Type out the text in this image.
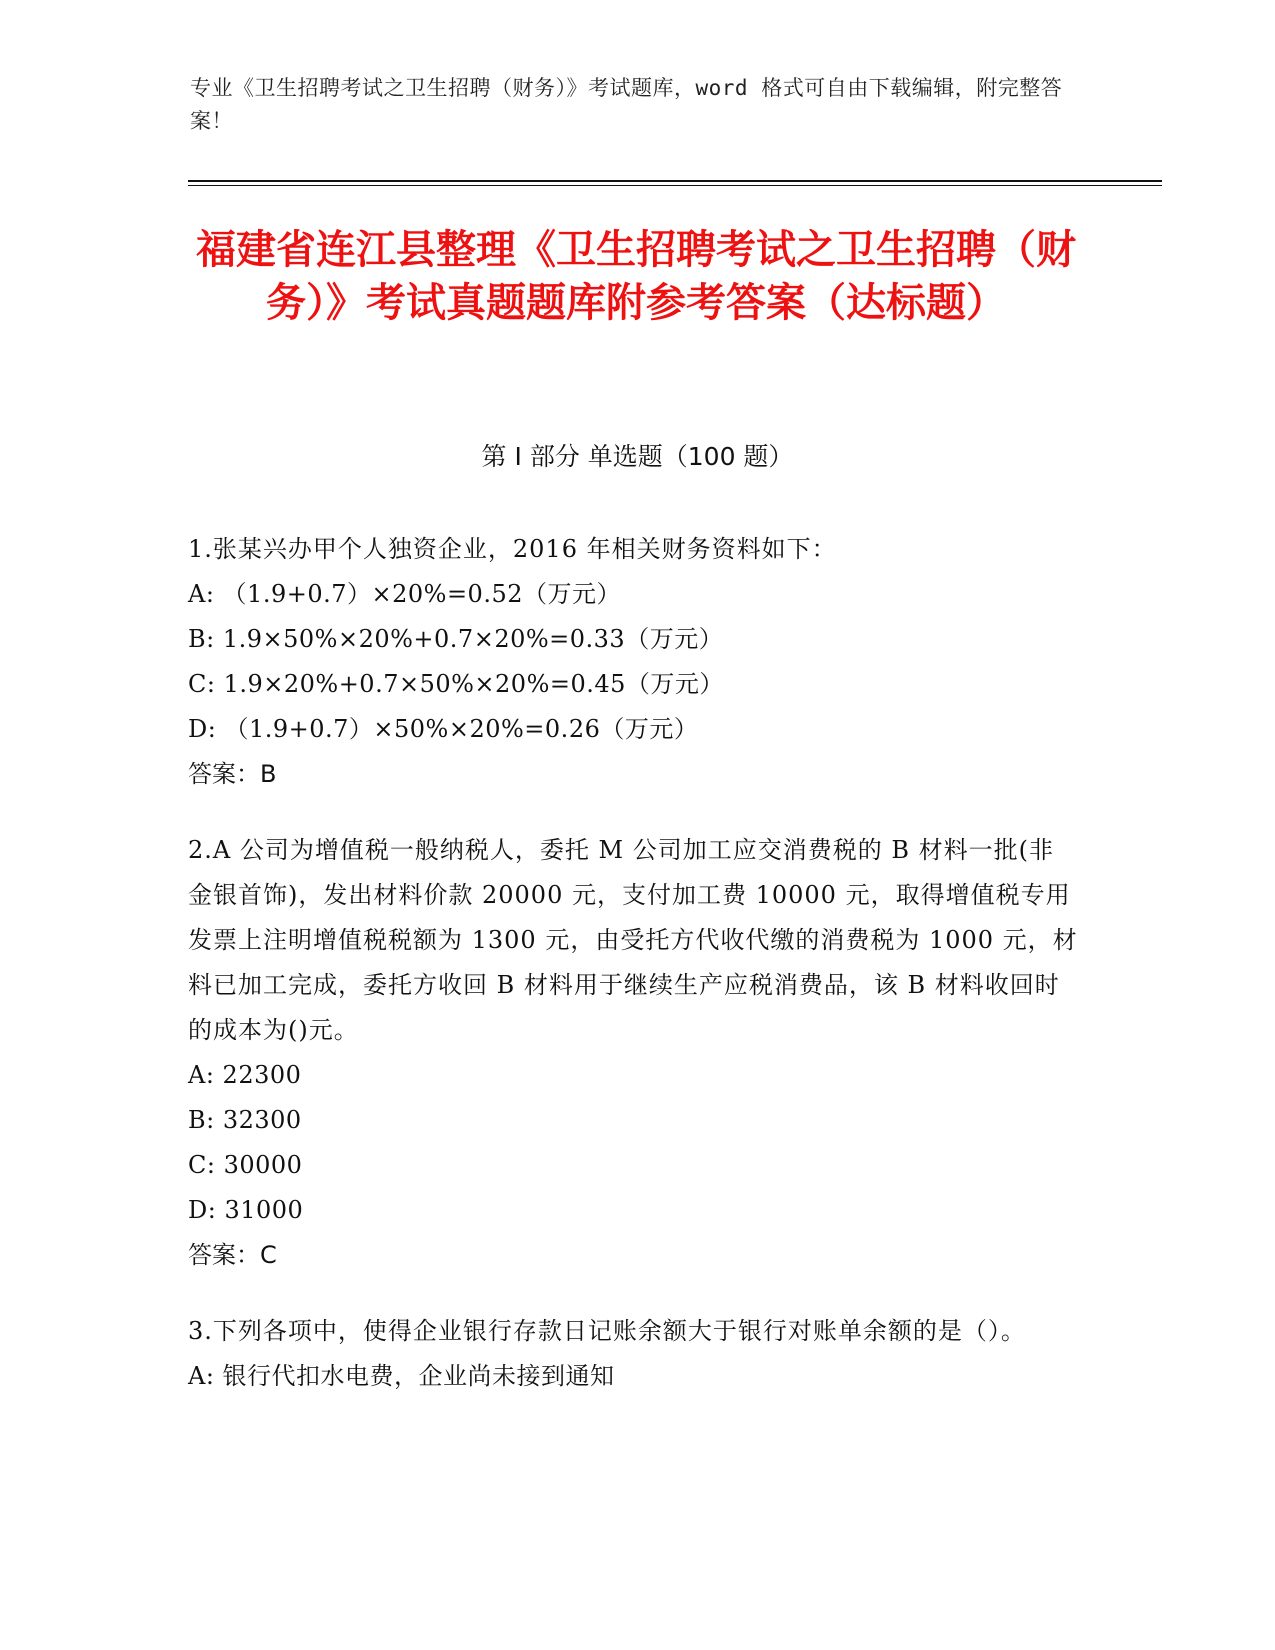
专业《卫生招聘考试之卫生招聘（财务）》考试题库，word 格式可自由下载编辑，附完整答案！
福建省连江县整理《卫生招聘考试之卫生招聘（财务）》考试真题题库附参考答案（达标题）
第 I 部分 单选题（100 题）

1.张某兴办甲个人独资企业，2016 年相关财务资料如下：

A: （1.9+0.7）×20%=0.52（万元）

B: 1.9×50%×20%+0.7×20%=0.33（万元）

C: 1.9×20%+0.7×50%×20%=0.45（万元）

D: （1.9+0.7）×50%×20%=0.26（万元）

答案：B

2.A 公司为增值税一般纳税人，委托 M 公司加工应交消费税的 B 材料一批(非金银首饰)，发出材料价款 20000 元，支付加工费 10000 元，取得增值税专用发票上注明增值税税额为 1300 元，由受托方代收代缴的消费税为 1000 元，材料已加工完成，委托方收回 B 材料用于继续生产应税消费品，该 B 材料收回时的成本为()元。

A: 22300

B: 32300

C: 30000

D: 31000

答案：C

3.下列各项中，使得企业银行存款日记账余额大于银行对账单余额的是（）。

A: 银行代扣水电费，企业尚未接到通知
